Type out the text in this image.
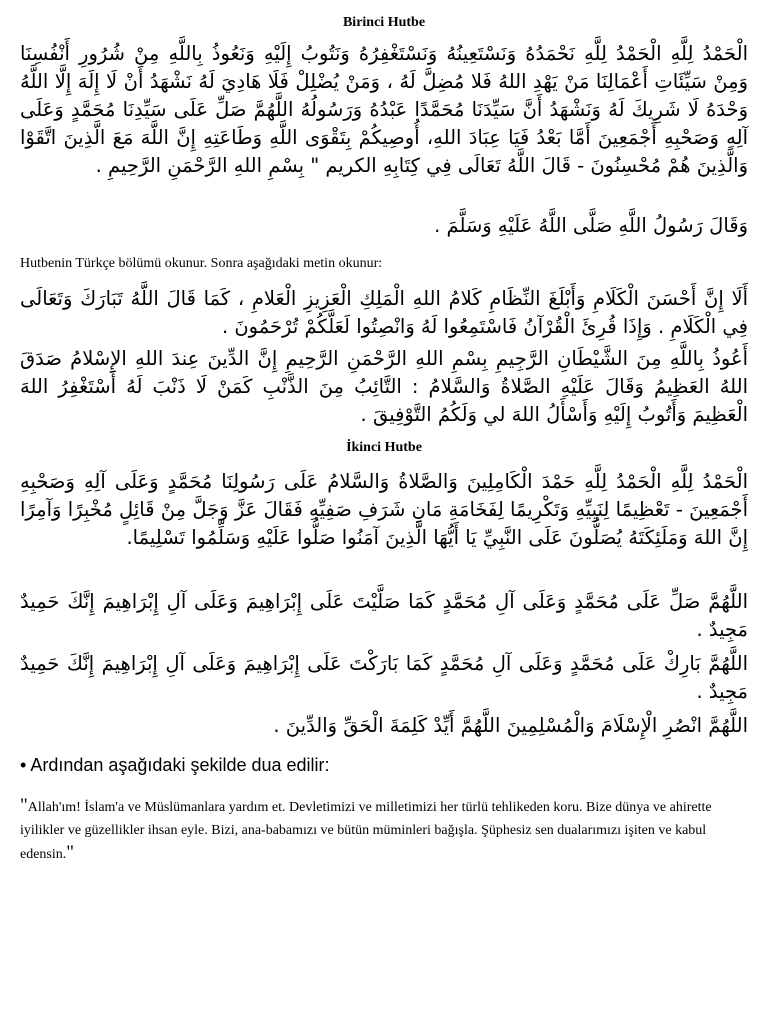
Birinci Hutbe

الْحَمْدُ لِلَّهِ الْحَمْدُ لِلَّهِ نَحْمَدُهُ وَنَسْتَعِينُهُ وَنَسْتَغْفِرُهُ وَنَتُوبُ إِلَيْهِ وَنَعُوذُ بِاللَّهِ مِنْ شُرُورِ أَنْفُسِنَا وَمِنْ سَيِّئَاتِ أَعْمَالِنَا مَنْ يَهْدِ اللهُ فَلا مُضِلَّ لَهُ ، وَمَنْ يُضْلِلْ فَلَا هَادِيَ لَهُ نَشْهَدُ أَنْ لَا إِلَهَ إِلَّا اللَّهُ وَحْدَهُ لَا شَرِيكَ لَهُ وَنَشْهَدُ أَنَّ سَيِّدَنَا مُحَمَّدًا عَبْدُهُ وَرَسُولُهُ اللَّهُمَّ صَلِّ عَلَى سَيِّدِنَا مُحَمَّدٍ وَعَلَى آلِهِ وَصَحْبِهِ أَجْمَعِينَ أَمَّا بَعْدُ فَيَا عِبَادَ اللهِ، أُوصِيكُمْ بِتَقْوَى اللَّهِ وَطَاعَتِهِ إِنَّ اللَّهَ مَعَ الَّذِينَ اتَّقَوْا وَالَّذِينَ هُمْ مُحْسِنُونَ - قَالَ اللَّهُ تَعَالَى فِي كِتَابِهِ الكريم " بِسْمِ اللهِ الرَّحْمَنِ الرَّحِيمِ .

وَقَالَ رَسُولُ اللَّهِ صَلَّى اللَّهُ عَلَيْهِ وَسَلَّمَ .

Hutbenin Türkçe bölümü okunur. Sonra aşağıdaki metin okunur:

أَلَا إِنَّ أَحْسَنَ الْكَلَامِ وَأَبْلَغَ النِّظَامِ كَلامُ اللهِ الْمَلِكِ الْعَزِيزِ الْعَلامِ ، كَمَا قَالَ اللَّهُ تَبَارَكَ وَتَعَالَى فِي الْكَلَامِ . وَإِذَا قُرِئَ الْقُرْآنُ فَاسْتَمِعُوا لَهُ وَانْصِتُوا لَعَلَّكُمْ تُرْحَمُونَ .

أَعُوذُ بِاللَّهِ مِنَ الشَّيْطَانِ الرَّجِيمِ بِسْمِ اللهِ الرَّحْمَنِ الرَّحِيمِ إِنَّ الدِّينَ عِندَ اللهِ الإِسْلامُ صَدَقَ اللهُ العَظِيمُ وَقَالَ عَلَيْهِ الصَّلاةُ وَالسَّلامُ : التَّائِبُ مِنَ الذَّنْبِ كَمَنْ لَا ذَنْبَ لَهُ أَسْتَغْفِرُ اللهَ الْعَظِيمَ وَأَتُوبُ إِلَيْهِ وَأَسْأَلُ اللهَ لي وَلَكُمُ التَّوْفِيقَ .

İkinci Hutbe

الْحَمْدُ لِلَّهِ الْحَمْدُ لِلَّهِ حَمْدَ الْكَامِلِينَ وَالصَّلاةُ وَالسَّلامُ عَلَى رَسُولِنَا مُحَمَّدٍ وَعَلَى آلِهِ وَصَحْبِهِ أَجْمَعِينَ - تَعْظِيمًا لِنَبِيِّهِ وَتَكْرِيمًا لِفَخَامَةِ مَانِ شَرَفِ صَفِيِّهِ فَقَالَ عَزَّ وَجَلَّ مِنْ قَائِلٍ مُخْبِرًا وَآمِرًا إِنَّ اللهَ وَمَلَئِكَتَهُ يُصَلُّونَ عَلَى النَّبِيِّ يَا أَيُّهَا الَّذِينَ آمَنُوا صَلُّوا عَلَيْهِ وَسَلِّمُوا تَسْلِيمًا.

اللَّهُمَّ صَلِّ عَلَى مُحَمَّدٍ وَعَلَى آلِ مُحَمَّدٍ كَمَا صَلَّيْتَ عَلَى إِبْرَاهِيمَ وَعَلَى آلِ إِبْرَاهِيمَ إِنَّكَ حَمِيدٌ مَجِيدٌ .

اللَّهُمَّ بَارِكْ عَلَى مُحَمَّدٍ وَعَلَى آلِ مُحَمَّدٍ كَمَا بَارَكْتَ عَلَى إِبْرَاهِيمَ وَعَلَى آلِ إِبْرَاهِيمَ إِنَّكَ حَمِيدٌ مَجِيدٌ .

اللَّهُمَّ انْصُرِ الْإِسْلَامَ وَالْمُسْلِمِينَ اللَّهُمَّ أَيِّدْ كَلِمَةَ الْحَقِّ وَالدِّينَ .

• Ardından aşağıdaki şekilde dua edilir:

"Allah'ım! İslam'a ve Müslümanlara yardım et. Devletimizi ve milletimizi her türlü tehlikeden koru. Bize dünya ve ahirette iyilikler ve güzellikler ihsan eyle. Bizi, ana-babamızı ve bütün müminleri bağışla. Şüphesiz sen dualarımızı işiten ve kabul edensin."
